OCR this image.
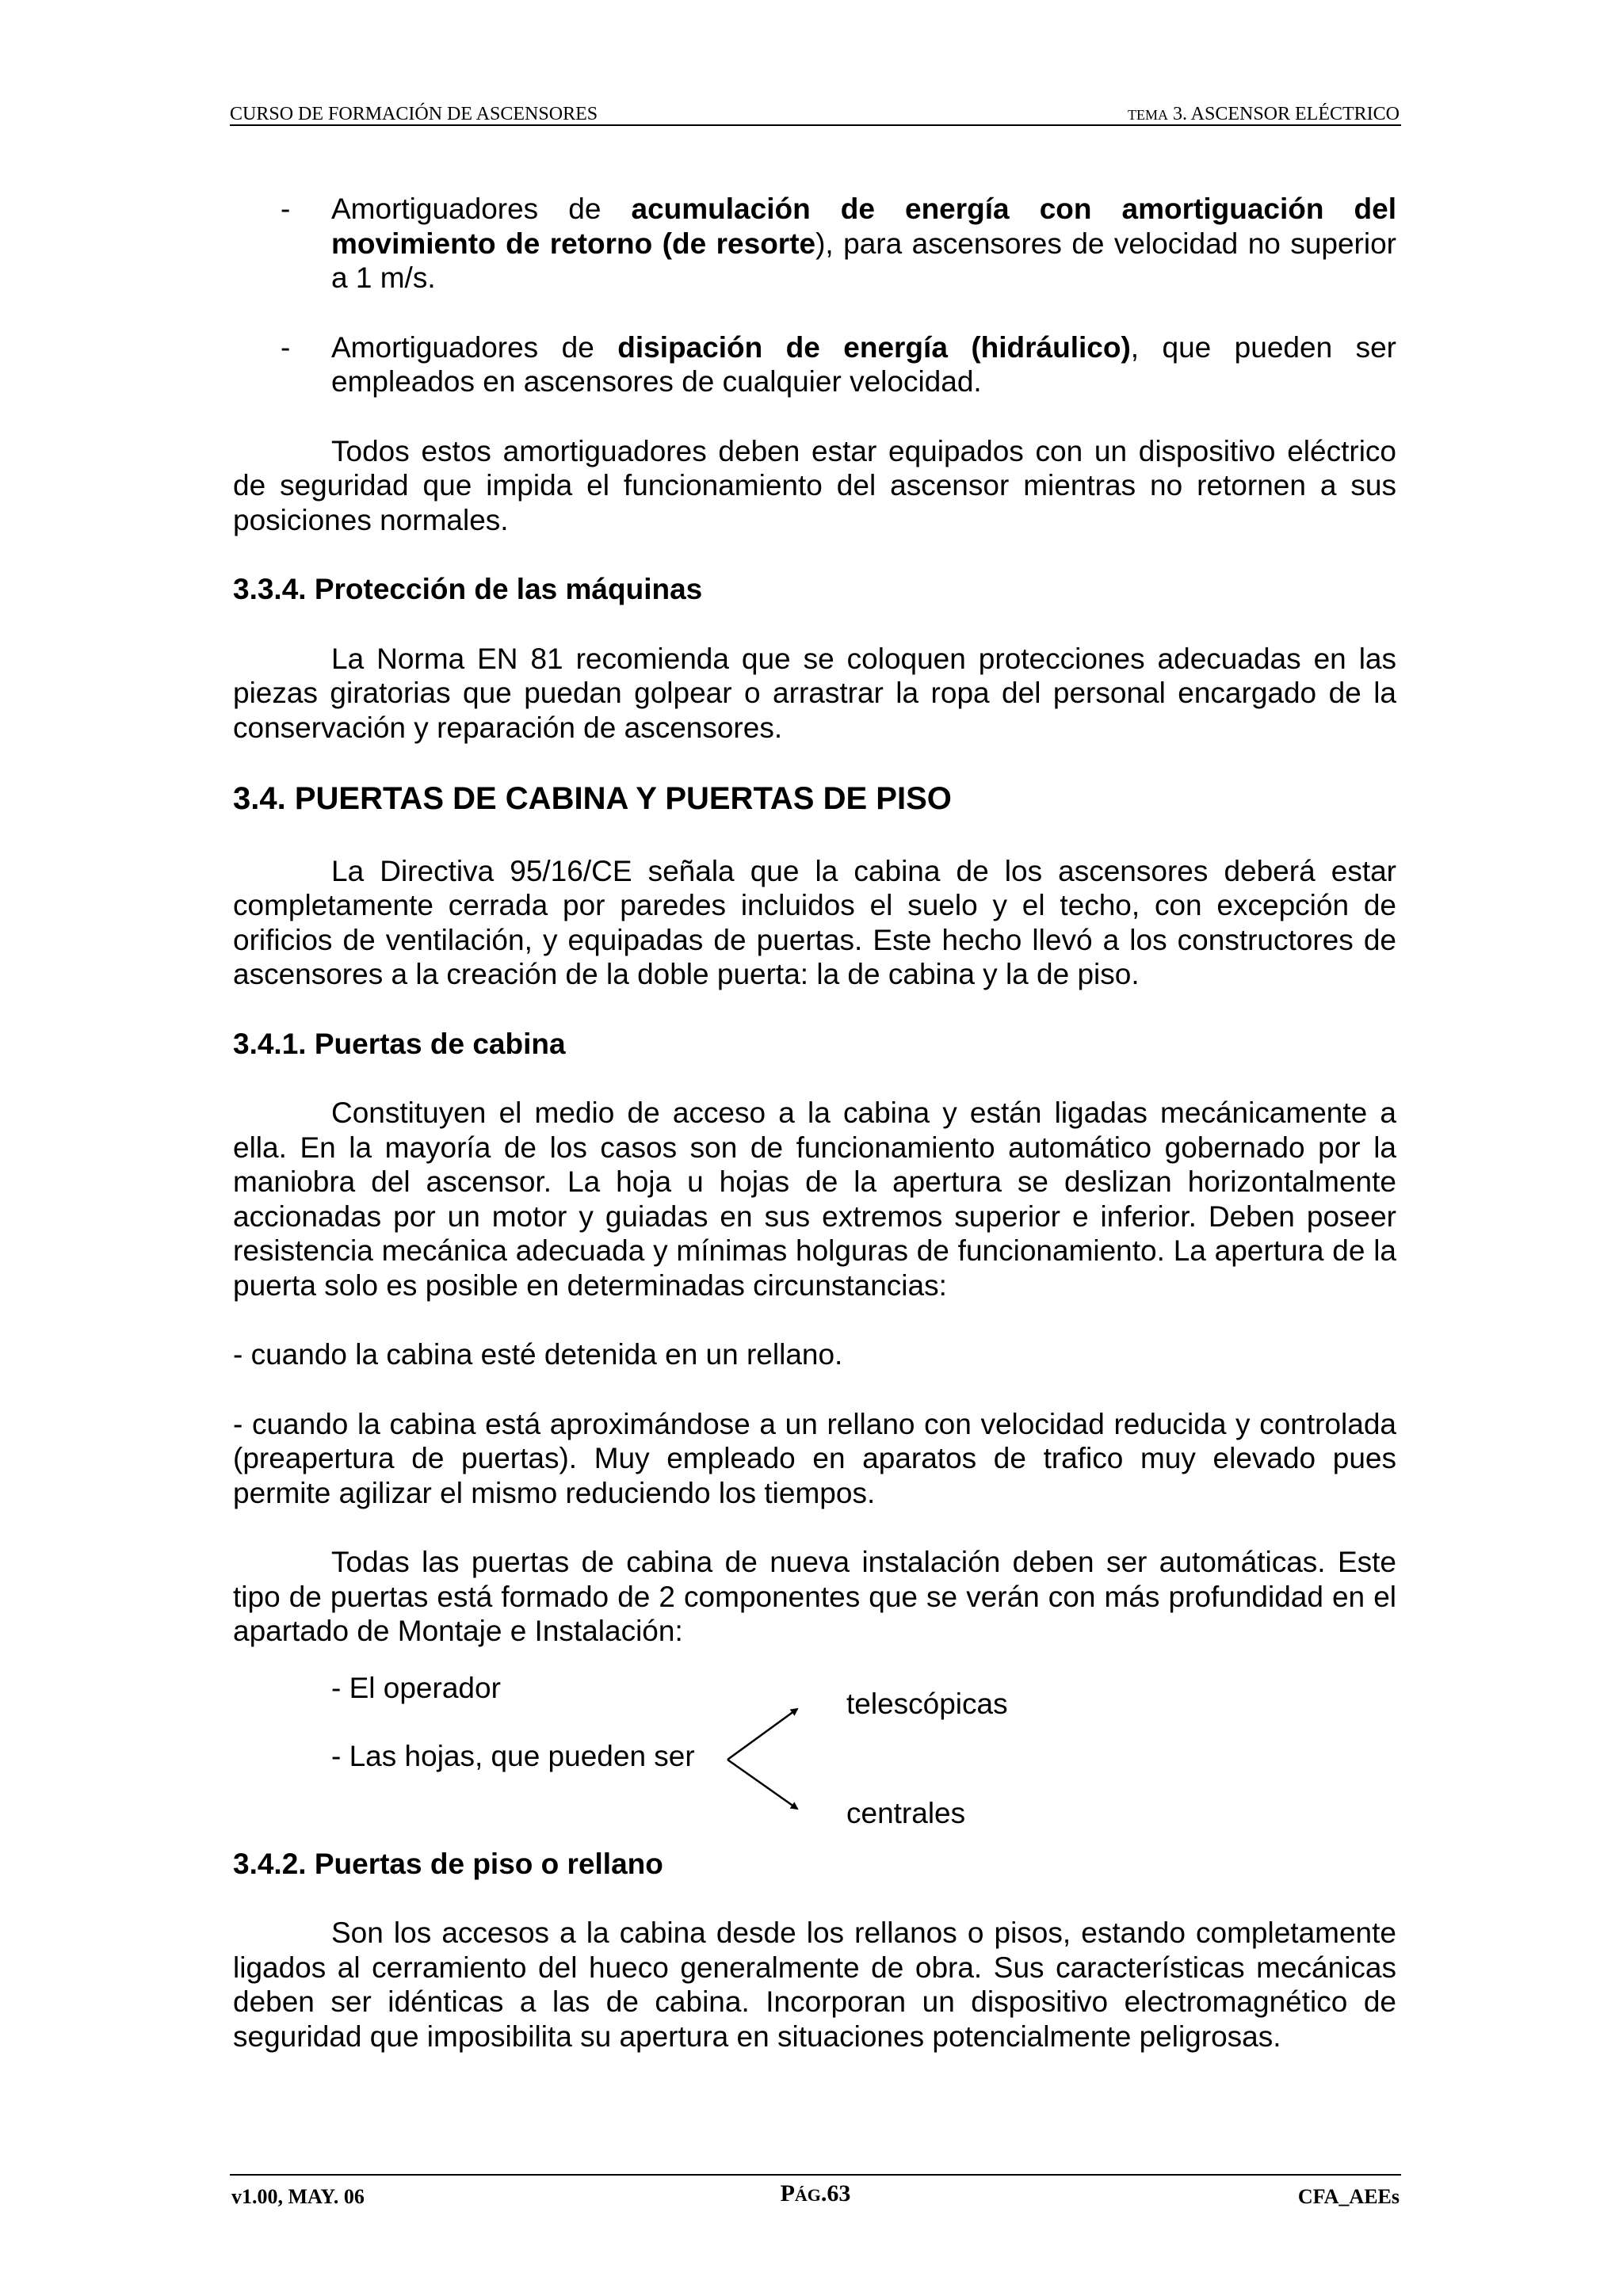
CURSO DE FORMACIÓN DE ASCENSORES	TEMA 3. ASCENSOR ELÉCTRICO

- Amortiguadores de acumulación de energía con amortiguación del movimiento de retorno (de resorte), para ascensores de velocidad no superior a 1 m/s.

- Amortiguadores de disipación de energía (hidráulico), que pueden ser empleados en ascensores de cualquier velocidad.

Todos estos amortiguadores deben estar equipados con un dispositivo eléctrico de seguridad que impida el funcionamiento del ascensor mientras no retornen a sus posiciones normales.

3.3.4. Protección de las máquinas

La Norma EN 81 recomienda que se coloquen protecciones adecuadas en las piezas giratorias que puedan golpear o arrastrar la ropa del personal encargado de la conservación y reparación de ascensores.

3.4. PUERTAS DE CABINA Y PUERTAS DE PISO

La Directiva 95/16/CE señala que la cabina de los ascensores deberá estar completamente cerrada por paredes incluidos el suelo y el techo, con excepción de orificios de ventilación, y equipadas de puertas. Este hecho llevó a los constructores de ascensores a la creación de la doble puerta: la de cabina y la de piso.

3.4.1. Puertas de cabina

Constituyen el medio de acceso a la cabina y están ligadas mecánicamente a ella. En la mayoría de los casos son de funcionamiento automático gobernado por la maniobra del ascensor. La hoja u hojas de la apertura se deslizan horizontalmente accionadas por un motor y guiadas en sus extremos superior e inferior. Deben poseer resistencia mecánica adecuada y mínimas holguras de funcionamiento. La apertura de la puerta solo es posible en determinadas circunstancias:

- cuando la cabina esté detenida en un rellano.

- cuando la cabina está aproximándose a un rellano con velocidad reducida y controlada (preapertura de puertas). Muy empleado en aparatos de trafico muy elevado pues permite agilizar el mismo reduciendo los tiempos.

Todas las puertas de cabina de nueva instalación deben ser automáticas. Este tipo de puertas está formado de 2 componentes que se verán con más profundidad en el apartado de Montaje e Instalación:

- El operador
- Las hojas, que pueden ser
telescópicas
centrales

3.4.2. Puertas de piso o rellano

Son los accesos a la cabina desde los rellanos o pisos, estando completamente ligados al cerramiento del hueco generalmente de obra. Sus características mecánicas deben ser idénticas a las de cabina. Incorporan un dispositivo electromagnético de seguridad que imposibilita su apertura en situaciones potencialmente peligrosas.

v1.00, MAY. 06	PÁG.63	CFA_AEEs
